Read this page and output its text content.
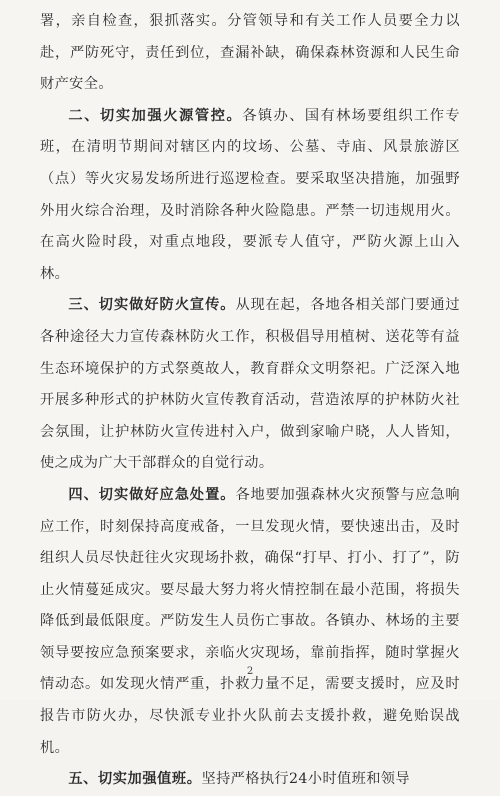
署，亲自检查，狠抓落实。分管领导和有关工作人员要全力以赴，严防死守，责任到位，查漏补缺，确保森林资源和人民生命财产安全。

二、切实加强火源管控。各镇办、国有林场要组织工作专班，在清明节期间对辖区内的坟场、公墓、寺庙、风景旅游区（点）等火灾易发场所进行巡逻检查。要采取坚决措施，加强野外用火综合治理，及时消除各种火险隐患。严禁一切违规用火。在高火险时段，对重点地段，要派专人值守，严防火源上山入林。

三、切实做好防火宣传。从现在起，各地各相关部门要通过各种途径大力宣传森林防火工作，积极倡导用植树、送花等有益生态环境保护的方式祭奠故人，教育群众文明祭祀。广泛深入地开展多种形式的护林防火宣传教育活动，营造浓厚的护林防火社会氛围，让护林防火宣传进村入户，做到家喻户晓，人人皆知，使之成为广大干部群众的自觉行动。

四、切实做好应急处置。各地要加强森林火灾预警与应急响应工作，时刻保持高度戒备，一旦发现火情，要快速出击，及时组织人员尽快赶往火灾现场扑救，确保“打早、打小、打了”，防止火情蔓延成灾。要尽最大努力将火情控制在最小范围，将损失降低到最低限度。严防发生人员伤亡事故。各镇办、林场的主要领导要按应急预案要求，亲临火灾现场，靠前指挥，随时掌握火情动态。如发现火情严重，扑救力量不足，需要支援时，应及时报告市防火办，尽快派专业扑火队前去支援扑救，避免贻误战机。

五、切实加强值班。坚持严格执行24小时值班和领导

2
